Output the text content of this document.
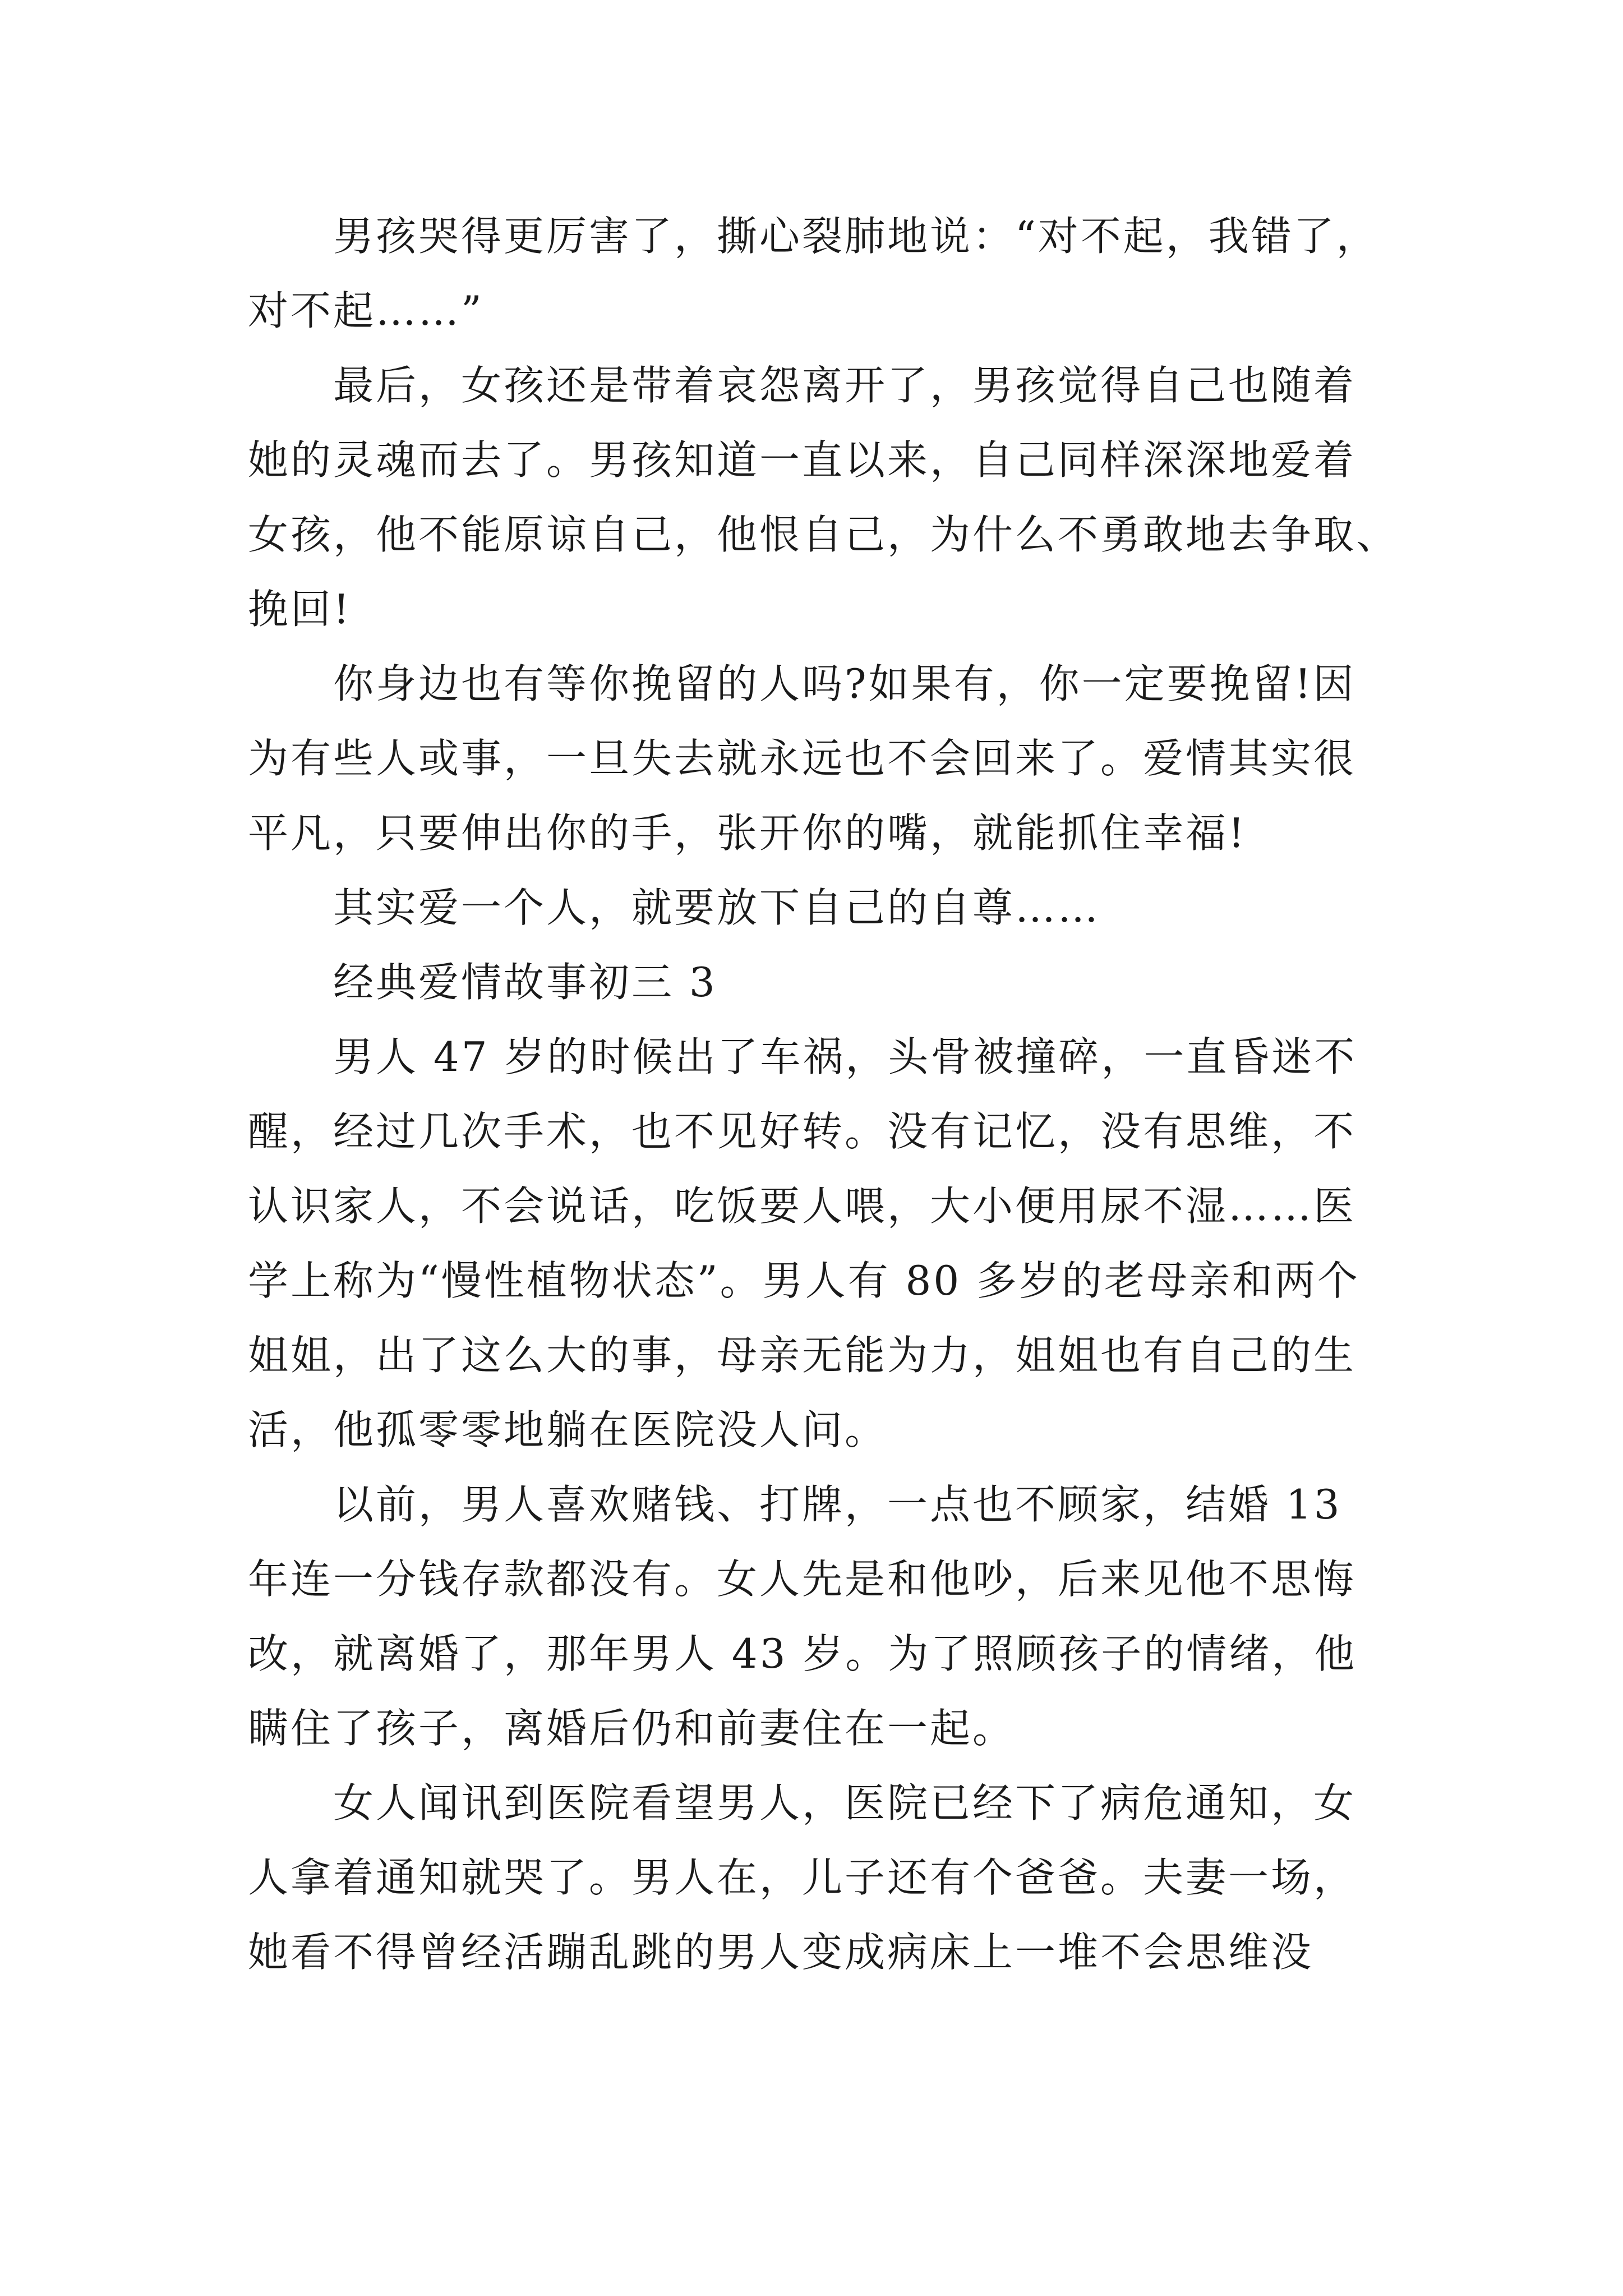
男孩哭得更厉害了，撕心裂肺地说：“对不起，我错了，
对不起……”
最后，女孩还是带着哀怨离开了，男孩觉得自己也随着
她的灵魂而去了。男孩知道一直以来，自己同样深深地爱着
女孩，他不能原谅自己，他恨自己，为什么不勇敢地去争取、
挽回!
你身边也有等你挽留的人吗?如果有，你一定要挽留!因
为有些人或事，一旦失去就永远也不会回来了。爱情其实很
平凡，只要伸出你的手，张开你的嘴，就能抓住幸福!
其实爱一个人，就要放下自己的自尊……
经典爱情故事初三 3
男人 47 岁的时候出了车祸，头骨被撞碎，一直昏迷不
醒，经过几次手术，也不见好转。没有记忆，没有思维，不
认识家人，不会说话，吃饭要人喂，大小便用尿不湿……医
学上称为“慢性植物状态”。男人有 80 多岁的老母亲和两个
姐姐，出了这么大的事，母亲无能为力，姐姐也有自己的生
活，他孤零零地躺在医院没人问。
以前，男人喜欢赌钱、打牌，一点也不顾家，结婚 13
年连一分钱存款都没有。女人先是和他吵，后来见他不思悔
改，就离婚了，那年男人 43 岁。为了照顾孩子的情绪，他
瞒住了孩子，离婚后仍和前妻住在一起。
女人闻讯到医院看望男人，医院已经下了病危通知，女
人拿着通知就哭了。男人在，儿子还有个爸爸。夫妻一场，
她看不得曾经活蹦乱跳的男人变成病床上一堆不会思维没
